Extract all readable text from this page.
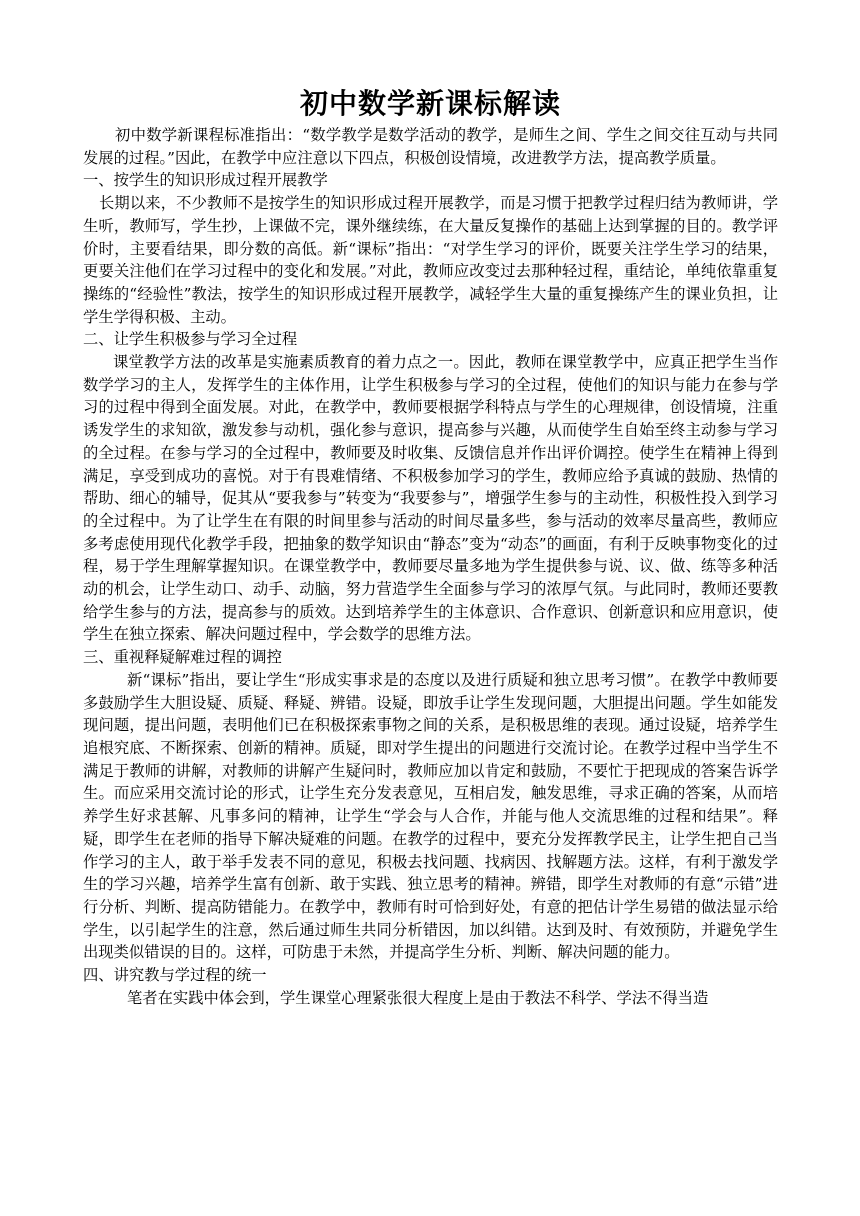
初中数学新课标解读

初中数学新课程标准指出：“数学教学是数学活动的教学，是师生之间、学生之间交往互动与共同发展的过程。”因此，在教学中应注意以下四点，积极创设情境，改进教学方法，提高教学质量。

一、按学生的知识形成过程开展教学

长期以来，不少教师不是按学生的知识形成过程开展教学，而是习惯于把教学过程归结为教师讲，学生听，教师写，学生抄，上课做不完，课外继续练，在大量反复操作的基础上达到掌握的目的。教学评价时，主要看结果，即分数的高低。新“课标”指出：“对学生学习的评价，既要关注学生学习的结果，更要关注他们在学习过程中的变化和发展。”对此，教师应改变过去那种轻过程，重结论，单纯依靠重复操练的“经验性”教法，按学生的知识形成过程开展教学，减轻学生大量的重复操练产生的课业负担，让学生学得积极、主动。

二、让学生积极参与学习全过程

课堂教学方法的改革是实施素质教育的着力点之一。因此，教师在课堂教学中，应真正把学生当作数学学习的主人，发挥学生的主体作用，让学生积极参与学习的全过程，使他们的知识与能力在参与学习的过程中得到全面发展。对此，在教学中，教师要根据学科特点与学生的心理规律，创设情境，注重诱发学生的求知欲，激发参与动机，强化参与意识，提高参与兴趣，从而使学生自始至终主动参与学习的全过程。在参与学习的全过程中，教师要及时收集、反馈信息并作出评价调控。使学生在精神上得到满足，享受到成功的喜悦。对于有畏难情绪、不积极参加学习的学生，教师应给予真诚的鼓励、热情的帮助、细心的辅导，促其从“要我参与”转变为“我要参与”，增强学生参与的主动性，积极性投入到学习的全过程中。为了让学生在有限的时间里参与活动的时间尽量多些，参与活动的效率尽量高些，教师应多考虑使用现代化教学手段，把抽象的数学知识由“静态”变为“动态”的画面，有利于反映事物变化的过程，易于学生理解掌握知识。在课堂教学中，教师要尽量多地为学生提供参与说、议、做、练等多种活动的机会，让学生动口、动手、动脑，努力营造学生全面参与学习的浓厚气氛。与此同时，教师还要教给学生参与的方法，提高参与的质效。达到培养学生的主体意识、合作意识、创新意识和应用意识，使学生在独立探索、解决问题过程中，学会数学的思维方法。

三、重视释疑解难过程的调控

新“课标”指出，要让学生“形成实事求是的态度以及进行质疑和独立思考习惯”。在教学中教师要多鼓励学生大胆设疑、质疑、释疑、辨错。设疑，即放手让学生发现问题，大胆提出问题。学生如能发现问题，提出问题，表明他们已在积极探索事物之间的关系，是积极思维的表现。通过设疑，培养学生追根究底、不断探索、创新的精神。质疑，即对学生提出的问题进行交流讨论。在教学过程中当学生不满足于教师的讲解，对教师的讲解产生疑问时，教师应加以肯定和鼓励，不要忙于把现成的答案告诉学生。而应采用交流讨论的形式，让学生充分发表意见，互相启发，触发思维，寻求正确的答案，从而培养学生好求甚解、凡事多问的精神，让学生“学会与人合作，并能与他人交流思维的过程和结果”。释疑，即学生在老师的指导下解决疑难的问题。在教学的过程中，要充分发挥教学民主，让学生把自己当作学习的主人，敢于举手发表不同的意见，积极去找问题、找病因、找解题方法。这样，有利于激发学生的学习兴趣，培养学生富有创新、敢于实践、独立思考的精神。辨错，即学生对教师的有意“示错”进行分析、判断、提高防错能力。在教学中，教师有时可恰到好处，有意的把估计学生易错的做法显示给学生，以引起学生的注意，然后通过师生共同分析错因，加以纠错。达到及时、有效预防，并避免学生出现类似错误的目的。这样，可防患于未然，并提高学生分析、判断、解决问题的能力。

四、讲究教与学过程的统一

笔者在实践中体会到，学生课堂心理紧张很大程度上是由于教法不科学、学法不得当造
